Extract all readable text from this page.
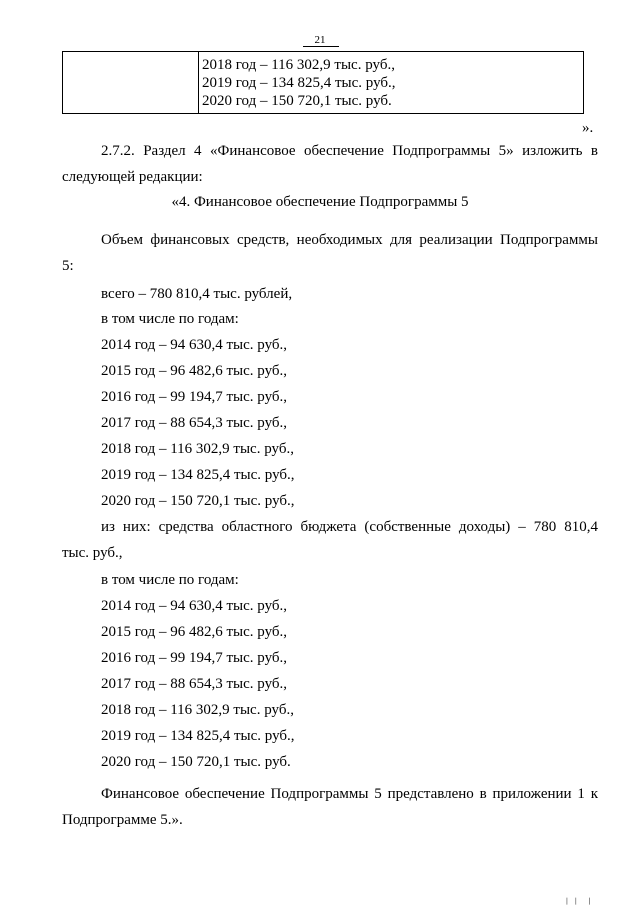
21
2018 год – 116 302,9 тыс. руб.,
2019 год – 134 825,4 тыс. руб.,
2020 год – 150 720,1 тыс. руб.
».
2.7.2. Раздел 4 «Финансовое обеспечение Подпрограммы 5» изложить в
следующей редакции:
«4. Финансовое обеспечение Подпрограммы 5
Объем финансовых средств, необходимых для реализации Подпрограммы
5:
всего – 780 810,4 тыс. рублей,
в том числе по годам:
2014 год – 94 630,4 тыс. руб.,
2015 год – 96 482,6 тыс. руб.,
2016 год – 99 194,7 тыс. руб.,
2017 год – 88 654,3 тыс. руб.,
2018 год – 116 302,9 тыс. руб.,
2019 год – 134 825,4 тыс. руб.,
2020 год – 150 720,1 тыс. руб.,
из них: средства областного бюджета (собственные доходы) – 780 810,4
тыс. руб.,
в том числе по годам:
2014 год – 94 630,4 тыс. руб.,
2015 год – 96 482,6 тыс. руб.,
2016 год – 99 194,7 тыс. руб.,
2017 год – 88 654,3 тыс. руб.,
2018 год – 116 302,9 тыс. руб.,
2019 год – 134 825,4 тыс. руб.,
2020 год – 150 720,1 тыс. руб.
Финансовое обеспечение Подпрограммы 5 представлено в приложении 1 к
Подпрограмме 5.».
❘❘ ❘
